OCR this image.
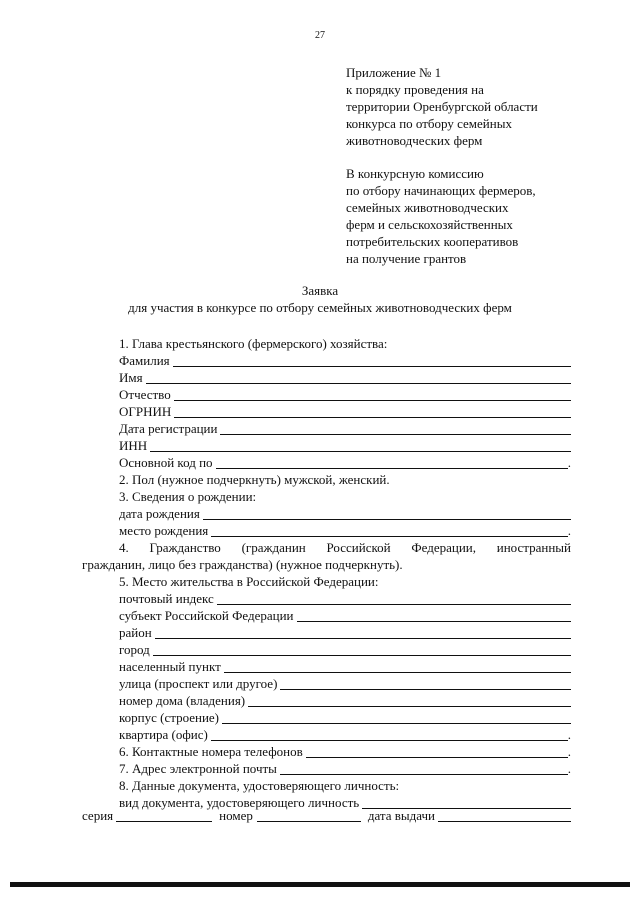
27
Приложение № 1
к порядку проведения на
территории Оренбургской области
конкурса по отбору семейных
животноводческих ферм
В конкурсную комиссию
по отбору начинающих фермеров,
семейных животноводческих
ферм и сельскохозяйственных
потребительских кооперативов
на получение грантов
Заявка
для участия в конкурсе по отбору семейных животноводческих ферм
1. Глава крестьянского (фермерского) хозяйства:
Фамилия
Имя
Отчество
ОГРНИН
Дата регистрации
ИНН
Основной код по	.
2. Пол (нужное подчеркнуть) мужской, женский.
3. Сведения о рождении:
дата рождения
место рождения	.
4. Гражданство (гражданин Российской Федерации, иностранный
гражданин, лицо без гражданства) (нужное подчеркнуть).
5. Место жительства в Российской Федерации:
почтовый индекс
субъект Российской Федерации
район
город
населенный пункт
улица (проспект или другое)
номер дома (владения)
корпус (строение)
квартира (офис)	.
6. Контактные номера телефонов	.
7. Адрес электронной почты	.
8. Данные документа, удостоверяющего личность:
вид документа, удостоверяющего личность
серия	номер	дата выдачи
